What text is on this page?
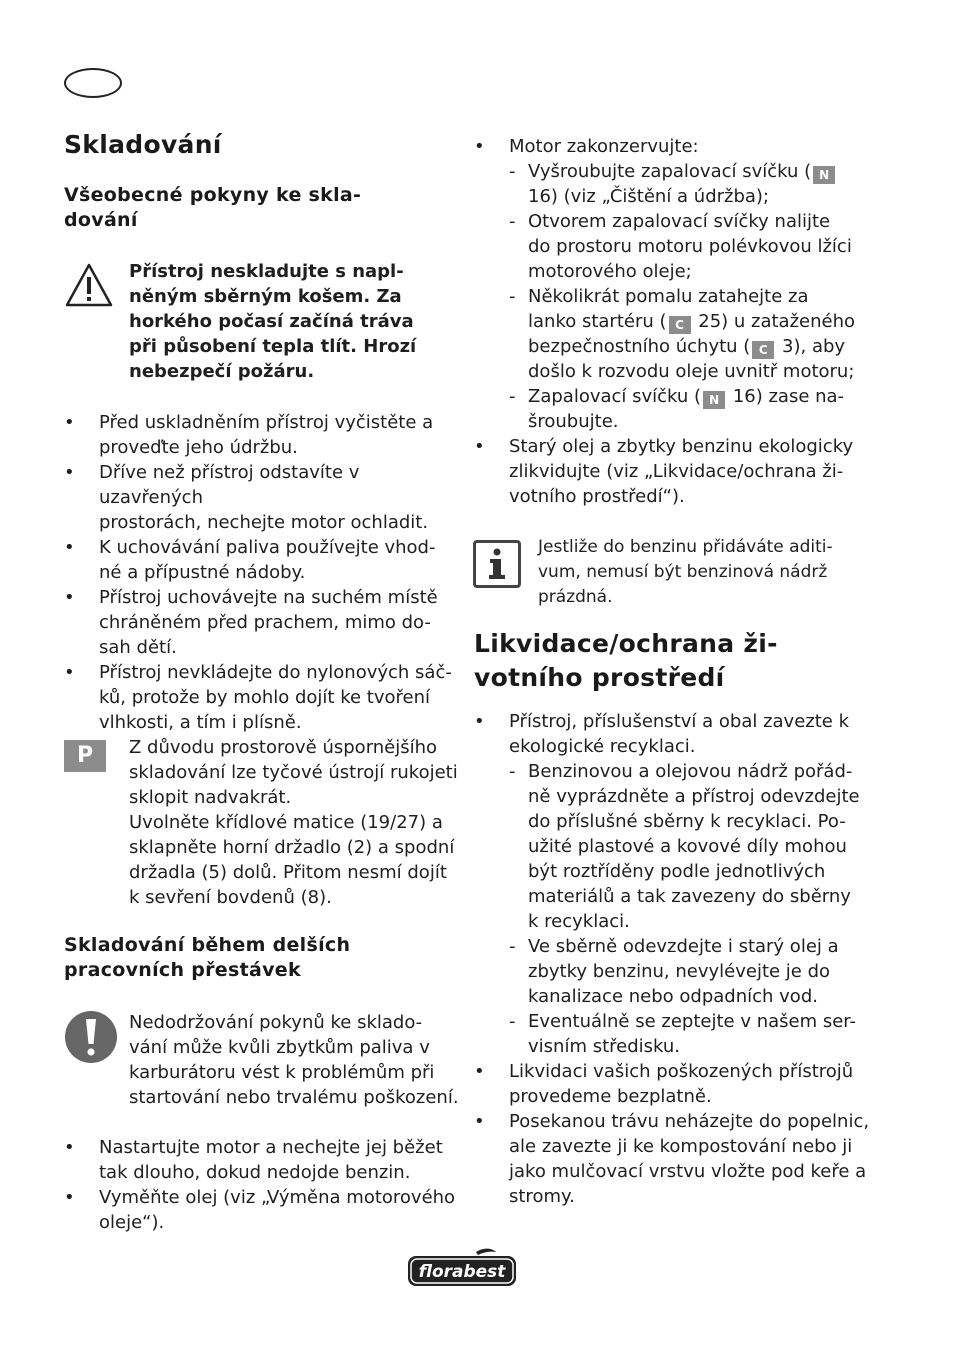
Skladování
Všeobecné pokyny ke skla-
dování
Přístroj neskladujte s napl-
něným sběrným košem. Za
horkého počasí začíná tráva
při působení tepla tlít. Hrozí
nebezpečí požáru.
• Před uskladněním přístroj vyčistěte a
proveďte jeho údržbu.
• Dříve než přístroj odstavíte v uzavřených
prostorách, nechejte motor ochladit.
• K uchovávání paliva používejte vhod-
né a přípustné nádoby.
• Přístroj uchovávejte na suchém místě
chráněném před prachem, mimo do-
sah dětí.
• Přístroj nevkládejte do nylonových sáč-
ků, protože by mohlo dojít ke tvoření
vlhkosti, a tím i plísně.
P	Z důvodu prostorově úspornějšího
skladování lze tyčové ústrojí rukojeti
sklopit nadvakrát.
Uvolněte křídlové matice (19/27) a
sklapněte horní držadlo (2) a spodní
držadla (5) dolů. Přitom nesmí dojít
k sevření bovdenů (8).
Skladování během delších
pracovních přestávek
Nedodržování pokynů ke sklado-
vání může kvůli zbytkům paliva v
karburátoru vést k problémům při
startování nebo trvalému poškození.
• Nastartujte motor a nechejte jej běžet
tak dlouho, dokud nedojde benzin.
• Vyměňte olej (viz „Výměna motorového
oleje“).
• Motor zakonzervujte:
- Vyšroubujte zapalovací svíčku ( N
16) (viz „Čištění a údržba);
- Otvorem zapalovací svíčky nalijte
do prostoru motoru polévkovou lžíci
motorového oleje;
- Několikrát pomalu zatahejte za
lanko startéru ( C 25) u zataženého
bezpečnostního úchytu ( C 3), aby
došlo k rozvodu oleje uvnitř motoru;
- Zapalovací svíčku ( N 16) zase na-
šroubujte.
• Starý olej a zbytky benzinu ekologicky
zlikvidujte (viz „Likvidace/ochrana ži-
votního prostředí“).
Jestliže do benzinu přidáváte aditi-
vum, nemusí být benzinová nádrž
prázdná.
Likvidace/ochrana ži-
votního prostředí
• Přístroj, příslušenství a obal zavezte k
ekologické recyklaci.
- Benzinovou a olejovou nádrž pořád-
ně vyprázdněte a přístroj odevzdejte
do příslušné sběrny k recyklaci. Po-
užité plastové a kovové díly mohou
být roztříděny podle jednotlivých
materiálů a tak zavezeny do sběrny
k recyklaci.
- Ve sběrně odevzdejte i starý olej a
zbytky benzinu, nevylévejte je do
kanalizace nebo odpadních vod.
- Eventuálně se zeptejte v našem ser-
visním středisku.
• Likvidaci vašich poškozených přístrojů
provedeme bezplatně.
• Posekanou trávu neházejte do popelnic,
ale zavezte ji ke kompostování nebo ji
jako mulčovací vrstvu vložte pod keře a
stromy.
florabest
